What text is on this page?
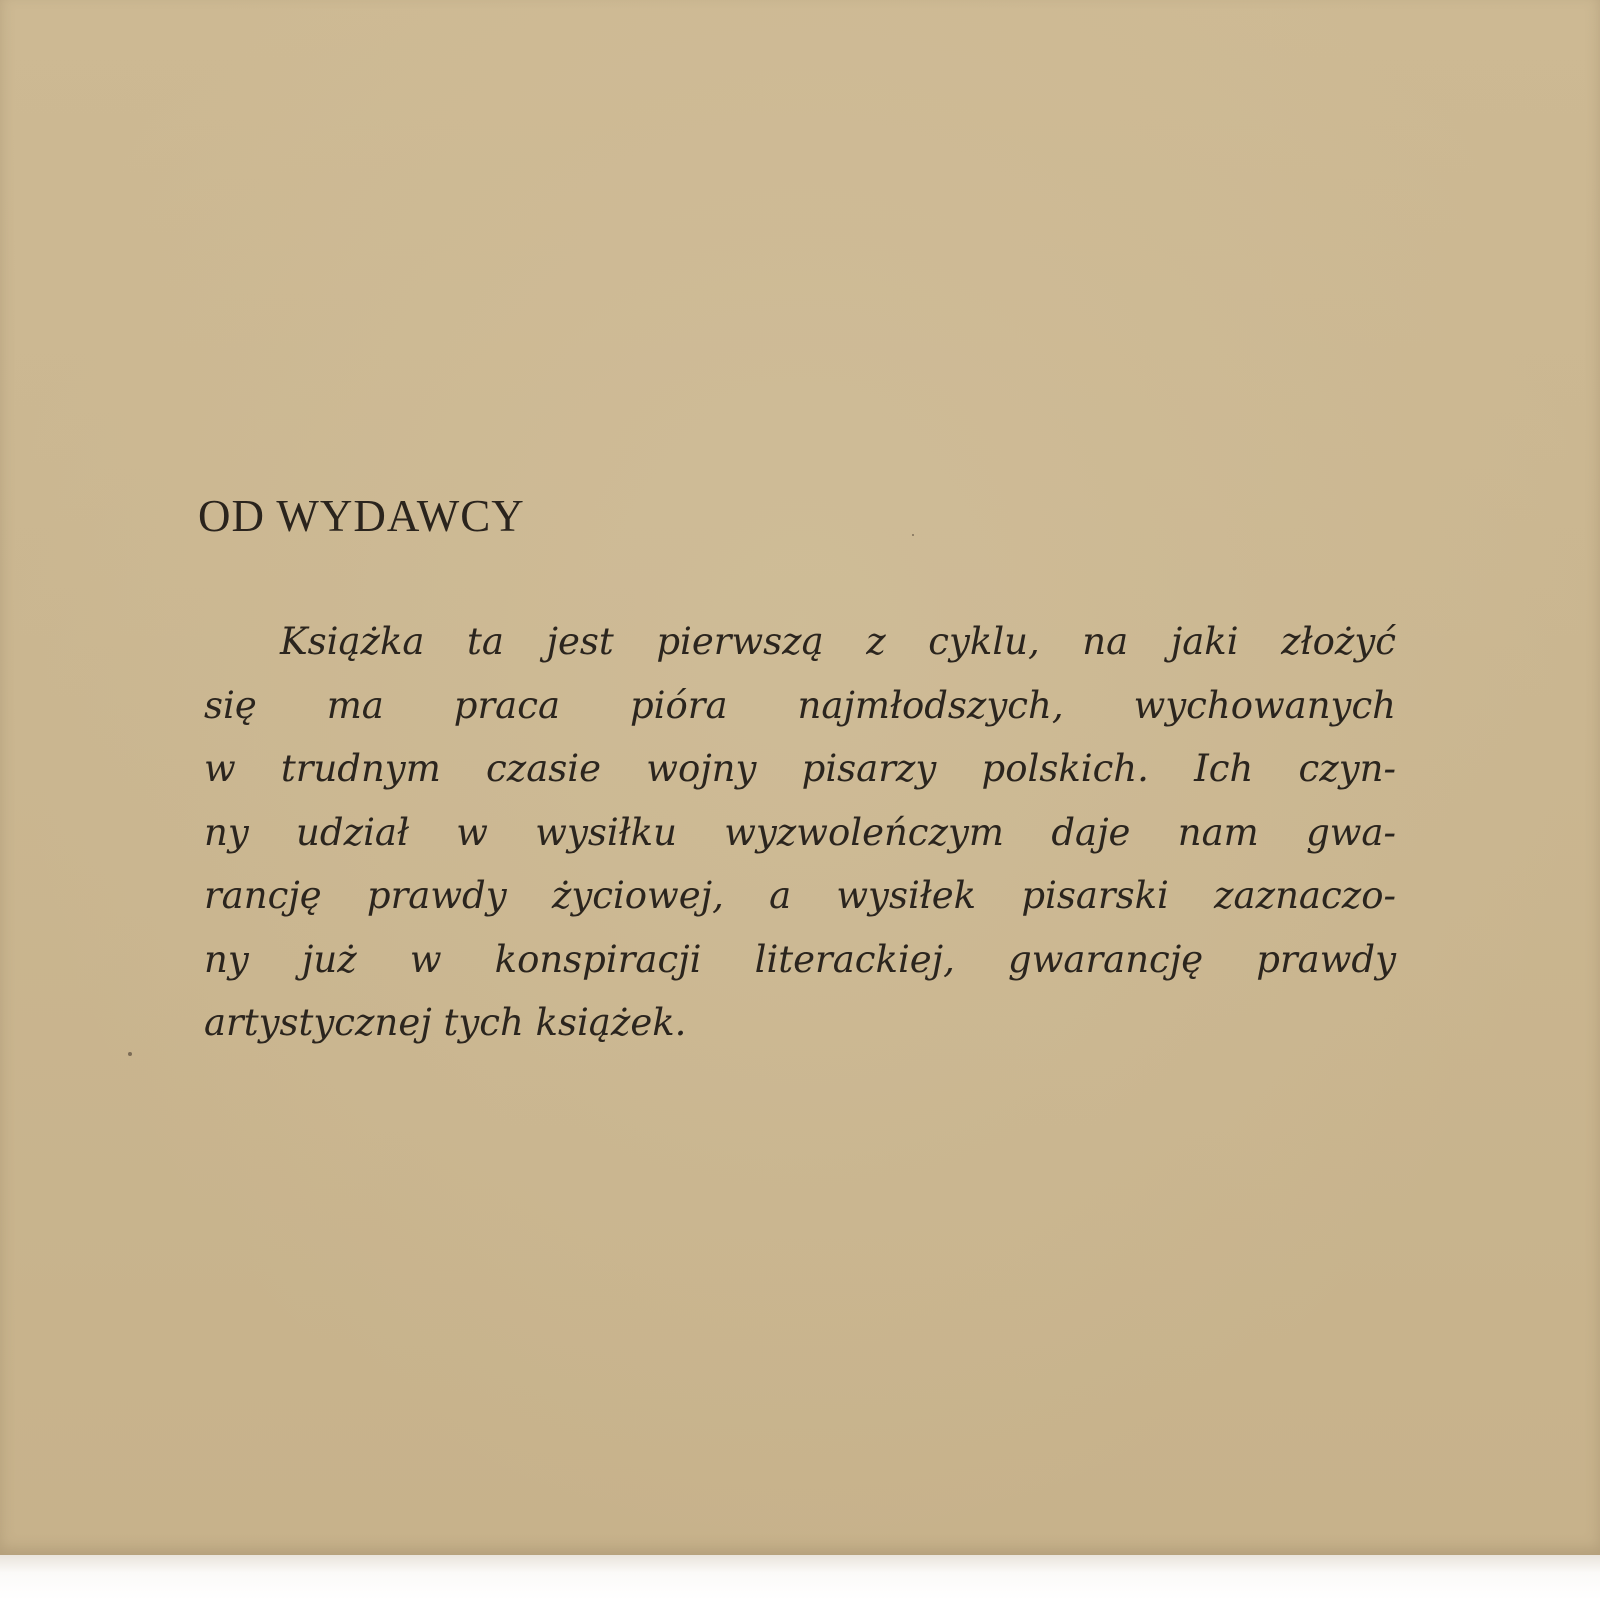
OD WYDAWCY
Książka ta jest pierwszą z cyklu, na jaki złożyć
się ma praca pióra najmłodszych, wychowanych
w trudnym czasie wojny pisarzy polskich. Ich czyn-
ny udział w wysiłku wyzwoleńczym daje nam gwa-
rancję prawdy życiowej, a wysiłek pisarski zaznaczo-
ny już w konspiracji literackiej, gwarancję prawdy
artystycznej tych książek.
